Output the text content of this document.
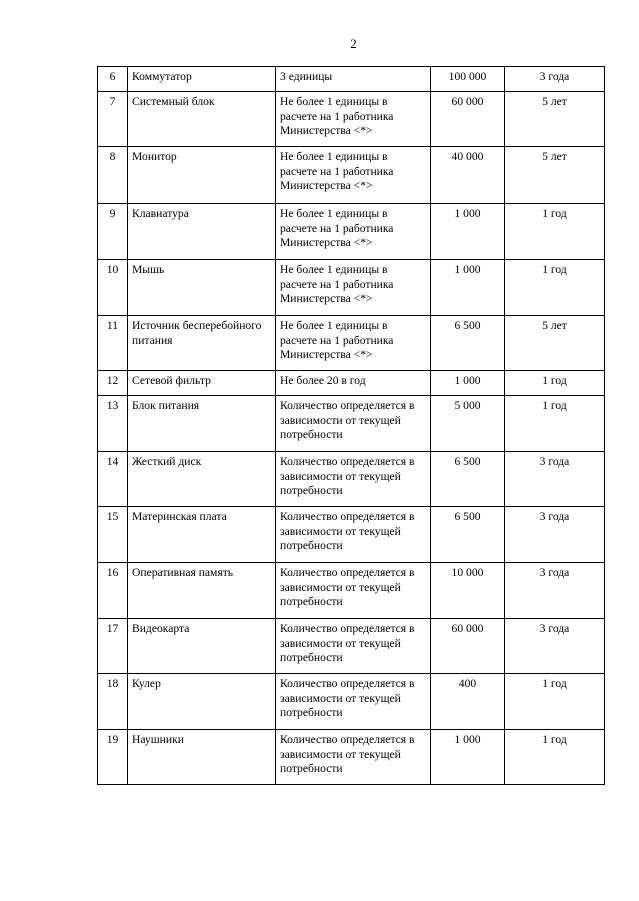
2
6	Коммутатор	3 единицы	100 000	3 года
7	Системный блок	Не более 1 единицы в расчете на 1 работника Министерства <*>	60 000	5 лет
8	Монитор	Не более 1 единицы в расчете на 1 работника Министерства <*>	40 000	5 лет
9	Клавиатура	Не более 1 единицы в расчете на 1 работника Министерства <*>	1 000	1 год
10	Мышь	Не более 1 единицы в расчете на 1 работника Министерства <*>	1 000	1 год
11	Источник бесперебойного питания	Не более 1 единицы в расчете на 1 работника Министерства <*>	6 500	5 лет
12	Сетевой фильтр	Не более 20 в год	1 000	1 год
13	Блок питания	Количество определяется в зависимости от текущей потребности	5 000	1 год
14	Жесткий диск	Количество определяется в зависимости от текущей потребности	6 500	3 года
15	Материнская плата	Количество определяется в зависимости от текущей потребности	6 500	3 года
16	Оперативная память	Количество определяется в зависимости от текущей потребности	10 000	3 года
17	Видеокарта	Количество определяется в зависимости от текущей потребности	60 000	3 года
18	Кулер	Количество определяется в зависимости от текущей потребности	400	1 год
19	Наушники	Количество определяется в зависимости от текущей потребности	1 000	1 год
